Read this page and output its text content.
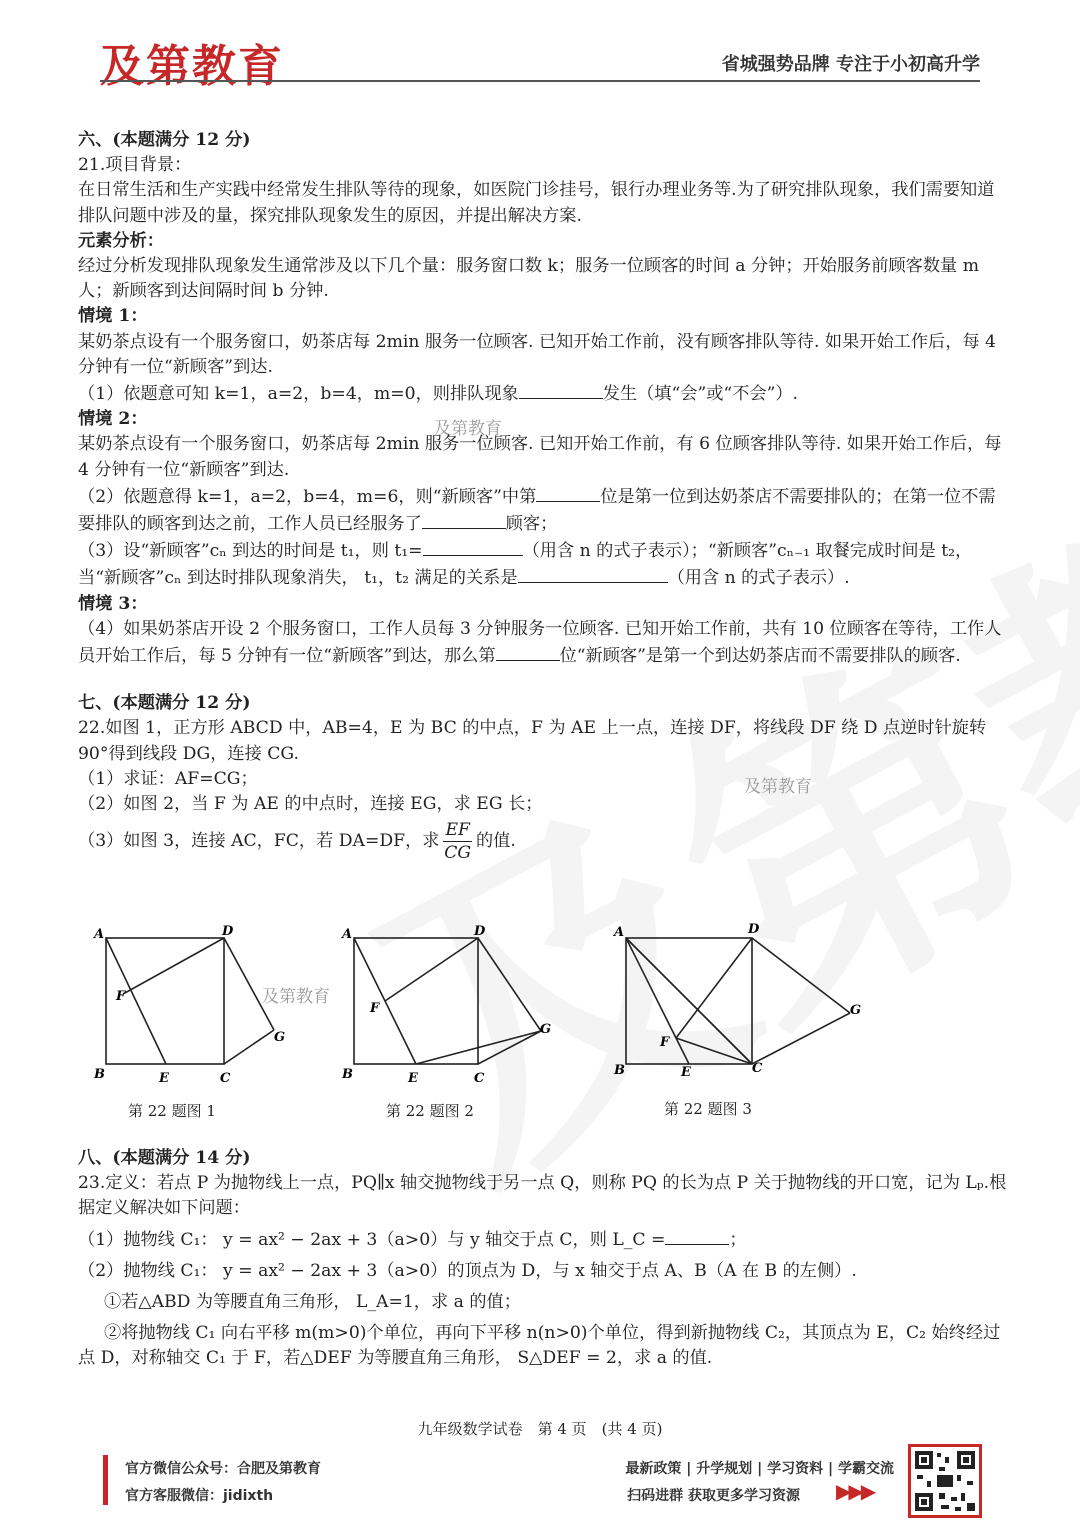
及第教育	省城强势品牌 专注于小初高升学
及第教育
及第教育
及第教育

六、(本题满分 12 分)

21.项目背景：

在日常生活和生产实践中经常发生排队等待的现象，如医院门诊挂号，银行办理业务等.为了研究排队现象，我们需要知道排队问题中涉及的量，探究排队现象发生的原因，并提出解决方案.

元素分析：

经过分析发现排队现象发生通常涉及以下几个量：服务窗口数 k；服务一位顾客的时间 a 分钟；开始服务前顾客数量 m 人；新顾客到达间隔时间 b 分钟.

情境 1：

某奶茶点设有一个服务窗口，奶茶店每 2min 服务一位顾客. 已知开始工作前，没有顾客排队等待. 如果开始工作后，每 4 分钟有一位“新顾客”到达.

（1）依题意可知 k=1，a=2，b=4，m=0，则排队现象	发生（填“会”或“不会”）.

情境 2：

某奶茶点设有一个服务窗口，奶茶店每 2min 服务一位顾客. 已知开始工作前，有 6 位顾客排队等待. 如果开始工作后，每 4 分钟有一位“新顾客”到达.

（2）依题意得 k=1，a=2，b=4，m=6，则“新顾客”中第	位是第一位到达奶茶店不需要排队的；在第一位不需要排队的顾客到达之前，工作人员已经服务了	顾客；

（3）设“新顾客”cₙ 到达的时间是 t₁，则 t₁=	（用含 n 的式子表示）；“新顾客”cₙ₋₁ 取餐完成时间是 t₂，当“新顾客”cₙ 到达时排队现象消失， t₁，t₂ 满足的关系是	（用含 n 的式子表示）.

情境 3：

（4）如果奶茶店开设 2 个服务窗口，工作人员每 3 分钟服务一位顾客. 已知开始工作前，共有 10 位顾客在等待，工作人员开始工作后，每 5 分钟有一位“新顾客”到达，那么第	位“新顾客”是第一个到达奶茶店而不需要排队的顾客.

七、(本题满分 12 分)

22.如图 1，正方形 ABCD 中，AB=4，E 为 BC 的中点，F 为 AE 上一点，连接 DF，将线段 DF 绕 D 点逆时针旋转 90°得到线段 DG，连接 CG.

（1）求证：AF=CG；

（2）如图 2，当 F 为 AE 的中点时，连接 EG，求 EG 长；

（3）如图 3，连接 AC，FC，若 DA=DF，求 $\frac{EF}{CG}$ 的值.

A	D
F
G
B	E	C
第 22 题图 1
A	D
F
G
B	E	C
第 22 题图 2
A	D
F
G
B	E	C
第 22 题图 3

八、(本题满分 14 分)

23.定义：若点 P 为抛物线上一点，PQ∥x 轴交抛物线于另一点 Q，则称 PQ 的长为点 P 关于抛物线的开口宽，记为 Lₚ.根据定义解决如下问题：

（1）抛物线 C₁： y = ax² − 2ax + 3（a>0）与 y 轴交于点 C，则 L_C =	；

（2）抛物线 C₁： y = ax² − 2ax + 3（a>0）的顶点为 D，与 x 轴交于点 A、B（A 在 B 的左侧）.

①若△ABD 为等腰直角三角形， L_A=1，求 a 的值；

②将抛物线 C₁ 向右平移 m(m>0)个单位，再向下平移 n(n>0)个单位，得到新抛物线 C₂，其顶点为 E，C₂ 始终经过点 D，对称轴交 C₁ 于 F，若△DEF 为等腰直角三角形， S△DEF = 2，求 a 的值.

九年级数学试卷　第 4 页　(共 4 页)
官方微信公众号：合肥及第教育
官方客服微信：jidixth
最新政策 | 升学规划 | 学习资料 | 学霸交流
扫码进群 获取更多学习资源 ▶▶▶
